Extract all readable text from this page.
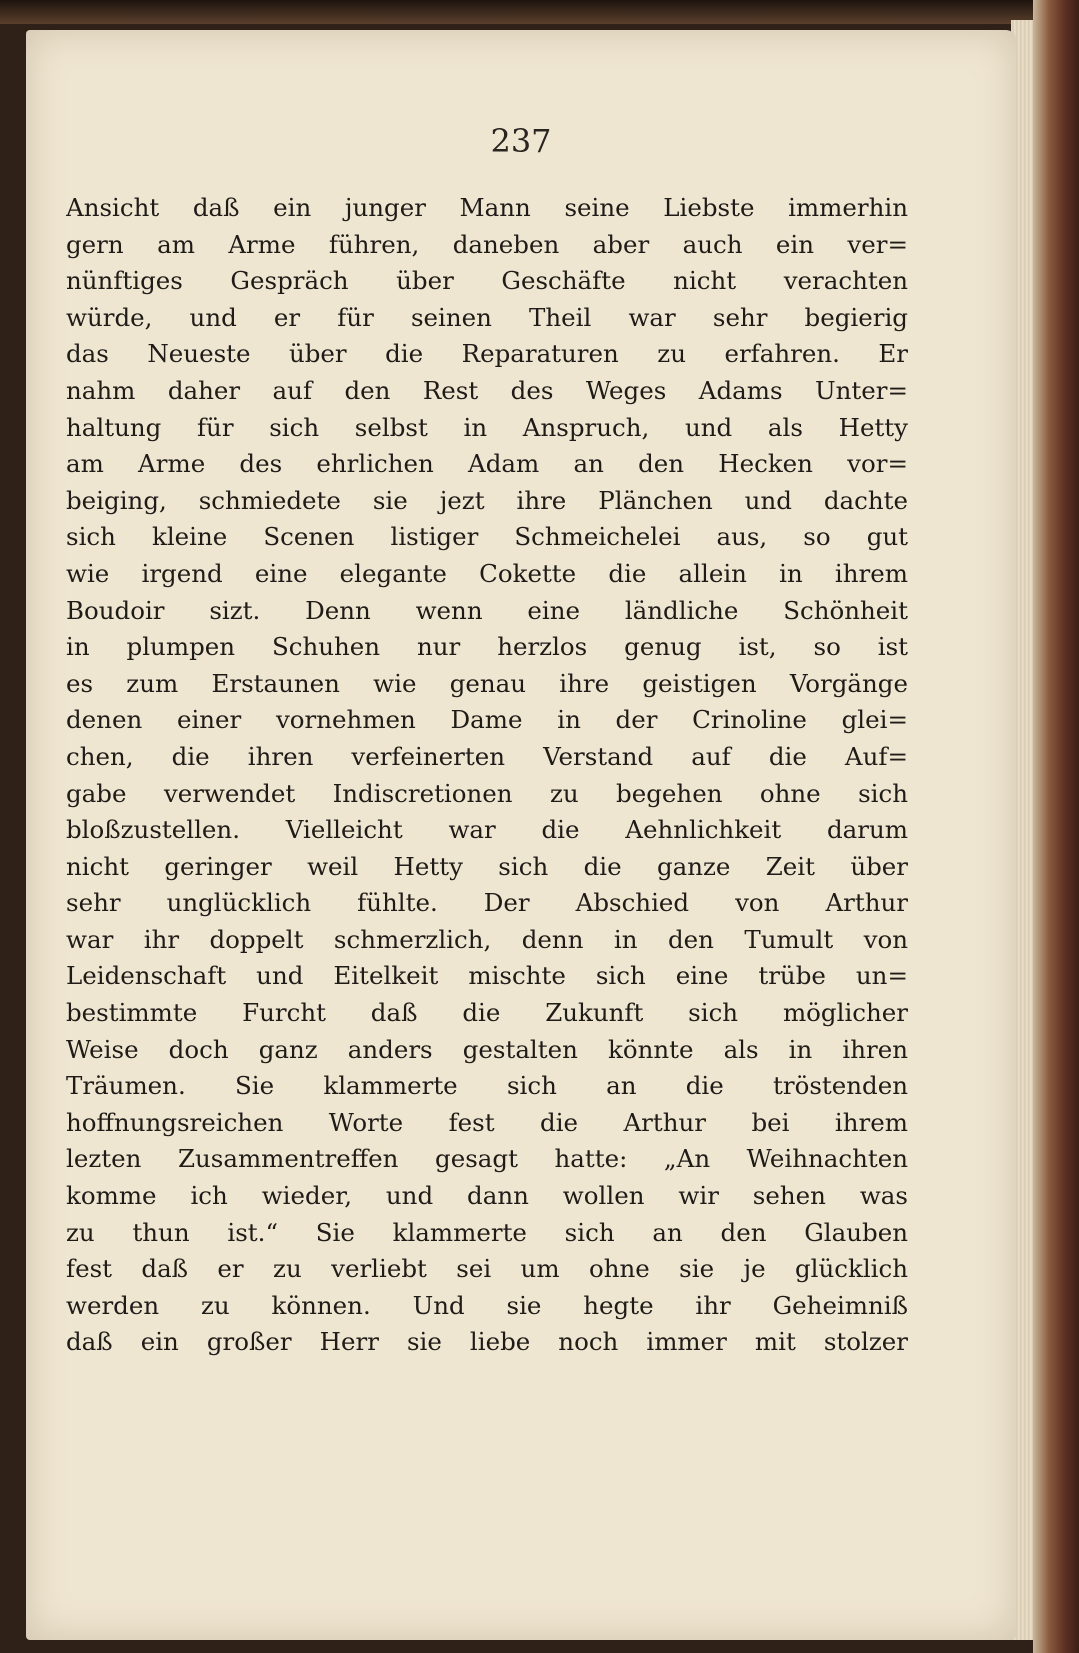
237
Ansicht daß ein junger Mann seine Liebste immerhin
gern am Arme führen, daneben aber auch ein ver=
nünftiges Gespräch über Geschäfte nicht verachten
würde, und er für seinen Theil war sehr begierig
das Neueste über die Reparaturen zu erfahren. Er
nahm daher auf den Rest des Weges Adams Unter=
haltung für sich selbst in Anspruch, und als Hetty
am Arme des ehrlichen Adam an den Hecken vor=
beiging, schmiedete sie jezt ihre Plänchen und dachte
sich kleine Scenen listiger Schmeichelei aus, so gut
wie irgend eine elegante Cokette die allein in ihrem
Boudoir sizt. Denn wenn eine ländliche Schönheit
in plumpen Schuhen nur herzlos genug ist, so ist
es zum Erstaunen wie genau ihre geistigen Vorgänge
denen einer vornehmen Dame in der Crinoline glei=
chen, die ihren verfeinerten Verstand auf die Auf=
gabe verwendet Indiscretionen zu begehen ohne sich
bloßzustellen. Vielleicht war die Aehnlichkeit darum
nicht geringer weil Hetty sich die ganze Zeit über
sehr unglücklich fühlte. Der Abschied von Arthur
war ihr doppelt schmerzlich, denn in den Tumult von
Leidenschaft und Eitelkeit mischte sich eine trübe un=
bestimmte Furcht daß die Zukunft sich möglicher
Weise doch ganz anders gestalten könnte als in ihren
Träumen. Sie klammerte sich an die tröstenden
hoffnungsreichen Worte fest die Arthur bei ihrem
lezten Zusammentreffen gesagt hatte: „An Weihnachten
komme ich wieder, und dann wollen wir sehen was
zu thun ist.“ Sie klammerte sich an den Glauben
fest daß er zu verliebt sei um ohne sie je glücklich
werden zu können. Und sie hegte ihr Geheimniß
daß ein großer Herr sie liebe noch immer mit stolzer
